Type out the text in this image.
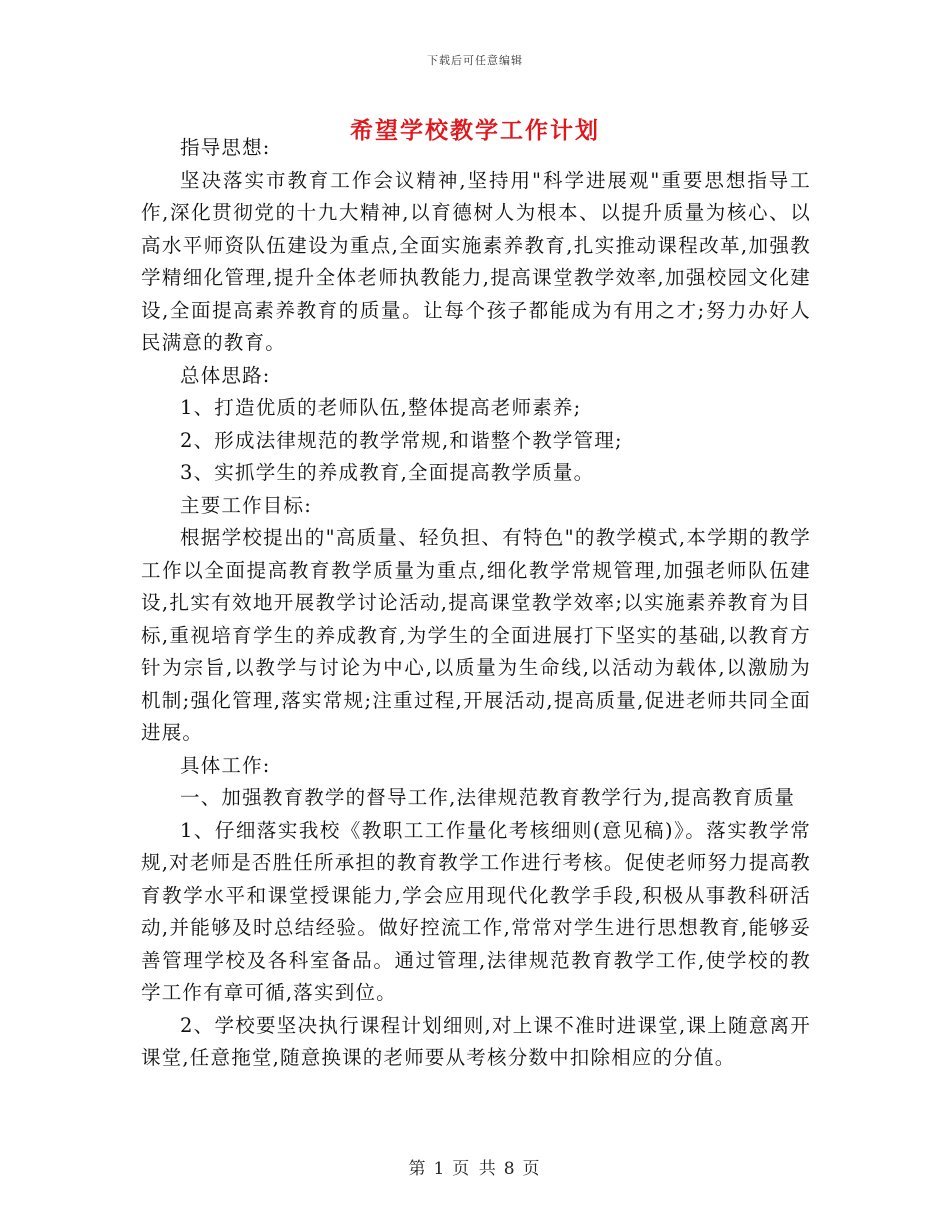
下载后可任意编辑
希望学校教学工作计划

指导思想:

坚决落实市教育工作会议精神,坚持用"科学进展观"重要思想指导工作,深化贯彻党的十九大精神,以育德树人为根本、以提升质量为核心、以高水平师资队伍建设为重点,全面实施素养教育,扎实推动课程改革,加强教学精细化管理,提升全体老师执教能力,提高课堂教学效率,加强校园文化建设,全面提高素养教育的质量。让每个孩子都能成为有用之才;努力办好人民满意的教育。

总体思路:

1、打造优质的老师队伍,整体提高老师素养;

2、形成法律规范的教学常规,和谐整个教学管理;

3、实抓学生的养成教育,全面提高教学质量。

主要工作目标:

根据学校提出的"高质量、轻负担、有特色"的教学模式,本学期的教学工作以全面提高教育教学质量为重点,细化教学常规管理,加强老师队伍建设,扎实有效地开展教学讨论活动,提高课堂教学效率;以实施素养教育为目标,重视培育学生的养成教育,为学生的全面进展打下坚实的基础,以教育方针为宗旨,以教学与讨论为中心,以质量为生命线,以活动为载体,以激励为机制;强化管理,落实常规;注重过程,开展活动,提高质量,促进老师共同全面进展。

具体工作:

一、加强教育教学的督导工作,法律规范教育教学行为,提高教育质量

1、仔细落实我校《教职工工作量化考核细则(意见稿)》。落实教学常规,对老师是否胜任所承担的教育教学工作进行考核。促使老师努力提高教育教学水平和课堂授课能力,学会应用现代化教学手段,积极从事教科研活动,并能够及时总结经验。做好控流工作,常常对学生进行思想教育,能够妥善管理学校及各科室备品。通过管理,法律规范教育教学工作,使学校的教学工作有章可循,落实到位。

2、学校要坚决执行课程计划细则,对上课不准时进课堂,课上随意离开课堂,任意拖堂,随意换课的老师要从考核分数中扣除相应的分值。

第 1 页 共 8 页
